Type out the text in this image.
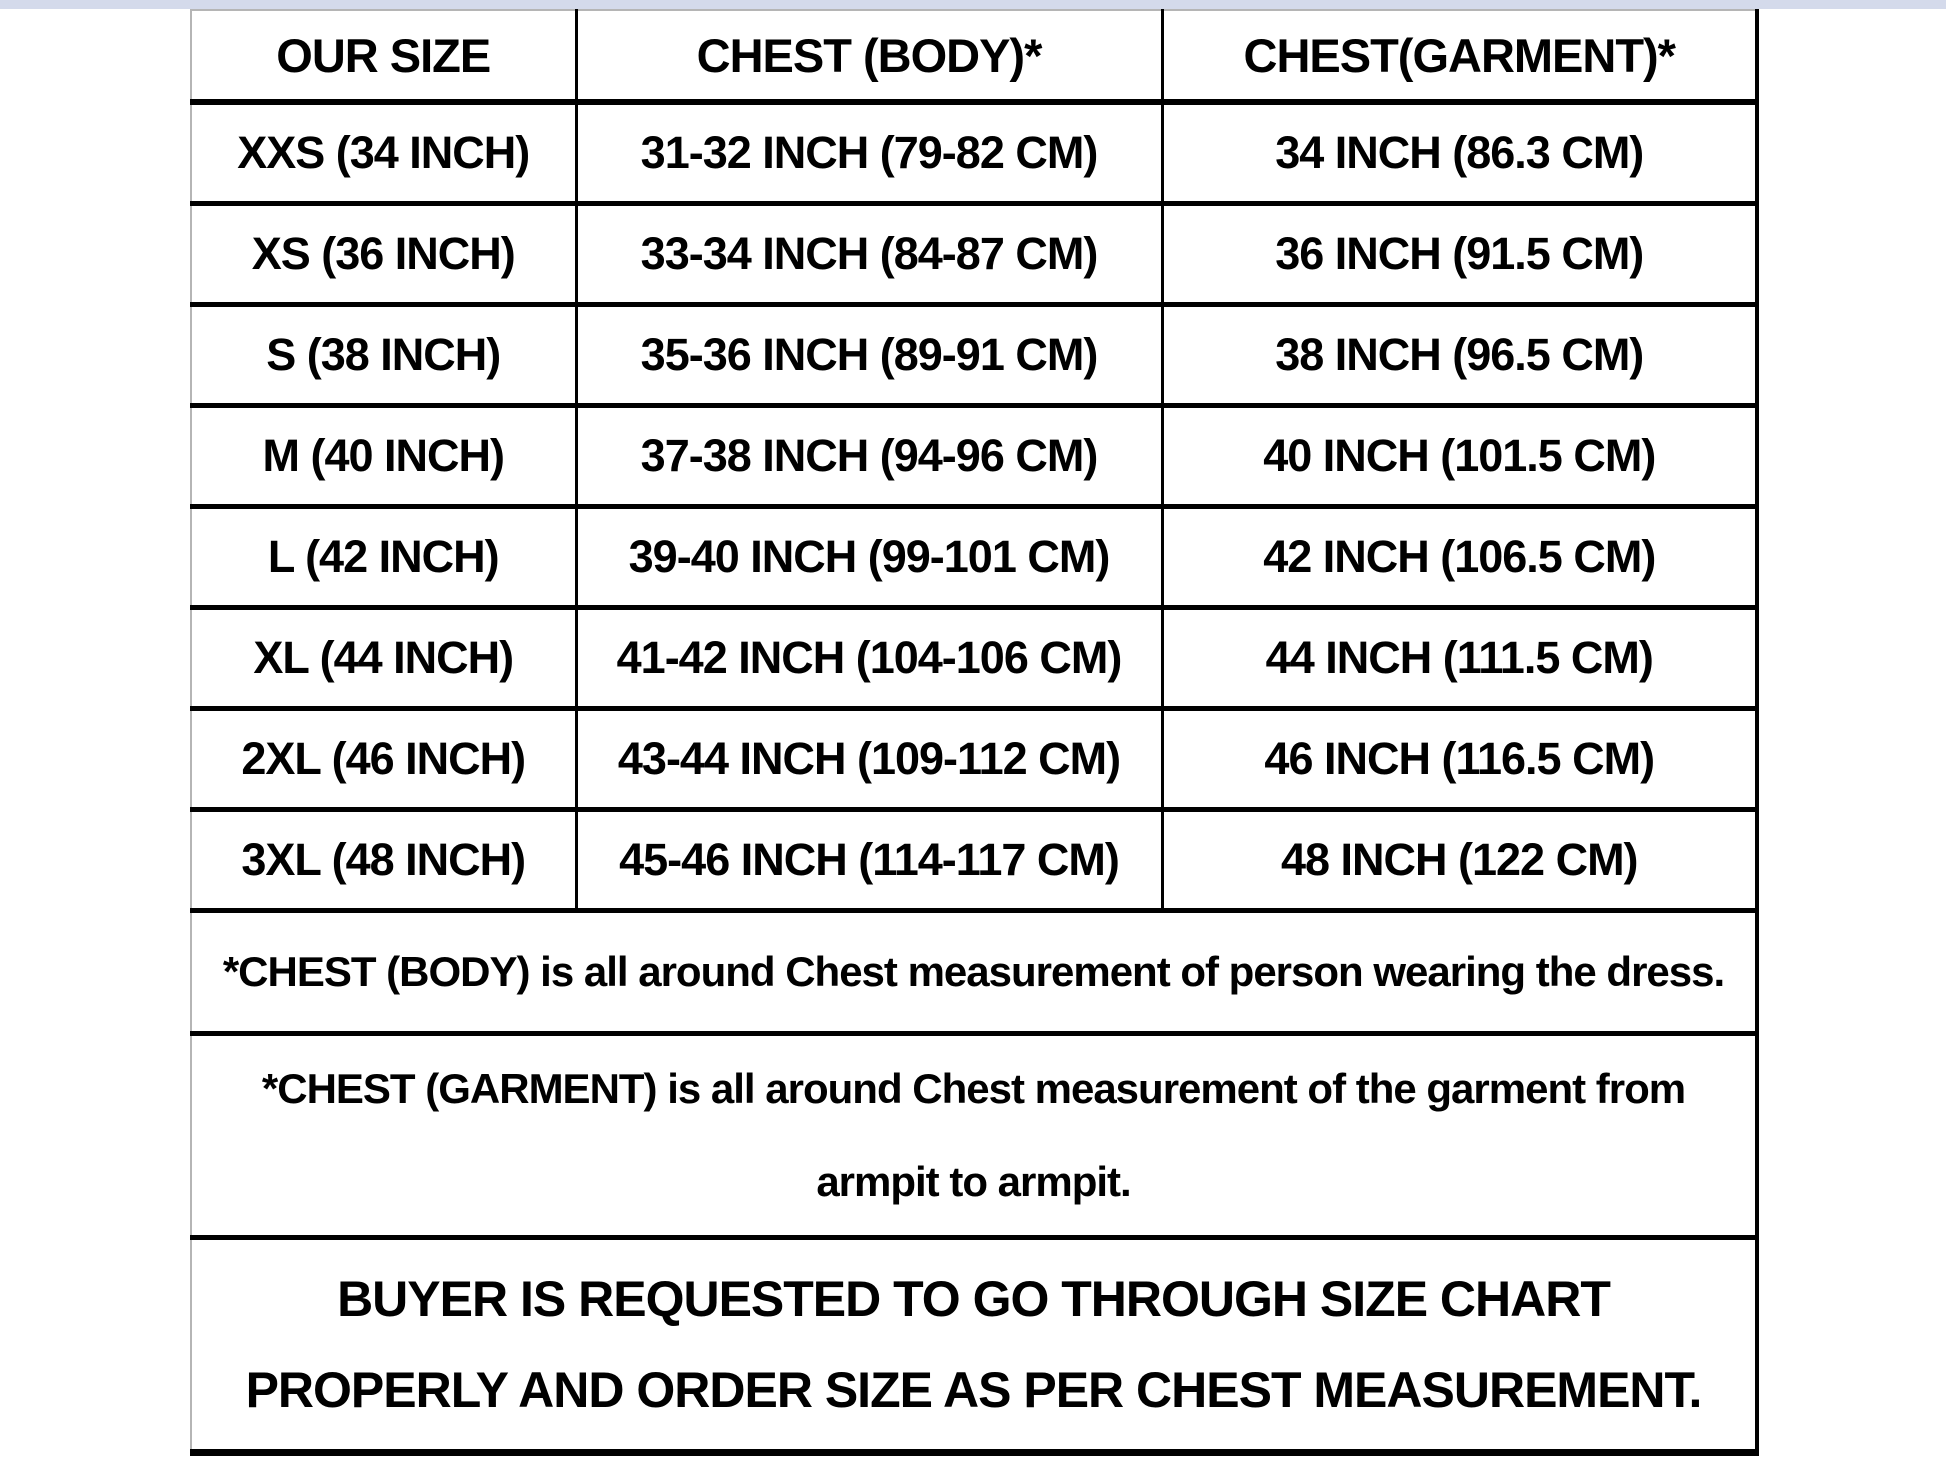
OUR SIZE	CHEST (BODY)*	CHEST(GARMENT)*
XXS (34 INCH)	31-32 INCH (79-82 CM)	34 INCH (86.3 CM)
XS (36 INCH)	33-34 INCH (84-87 CM)	36 INCH (91.5 CM)
S (38 INCH)	35-36 INCH (89-91 CM)	38 INCH (96.5 CM)
M (40 INCH)	37-38 INCH (94-96 CM)	40 INCH (101.5 CM)
L (42 INCH)	39-40 INCH (99-101 CM)	42 INCH (106.5 CM)
XL (44 INCH)	41-42 INCH (104-106 CM)	44 INCH (111.5 CM)
2XL (46 INCH)	43-44 INCH (109-112 CM)	46 INCH (116.5 CM)
3XL (48 INCH)	45-46 INCH (114-117 CM)	48 INCH (122 CM)
*CHEST (BODY) is all around Chest measurement of person wearing the dress.		

*CHEST (GARMENT) is all around Chest measurement of the garment from armpit to armpit.		

BUYER IS REQUESTED TO GO THROUGH SIZE CHART PROPERLY AND ORDER SIZE AS PER CHEST MEASUREMENT.		
